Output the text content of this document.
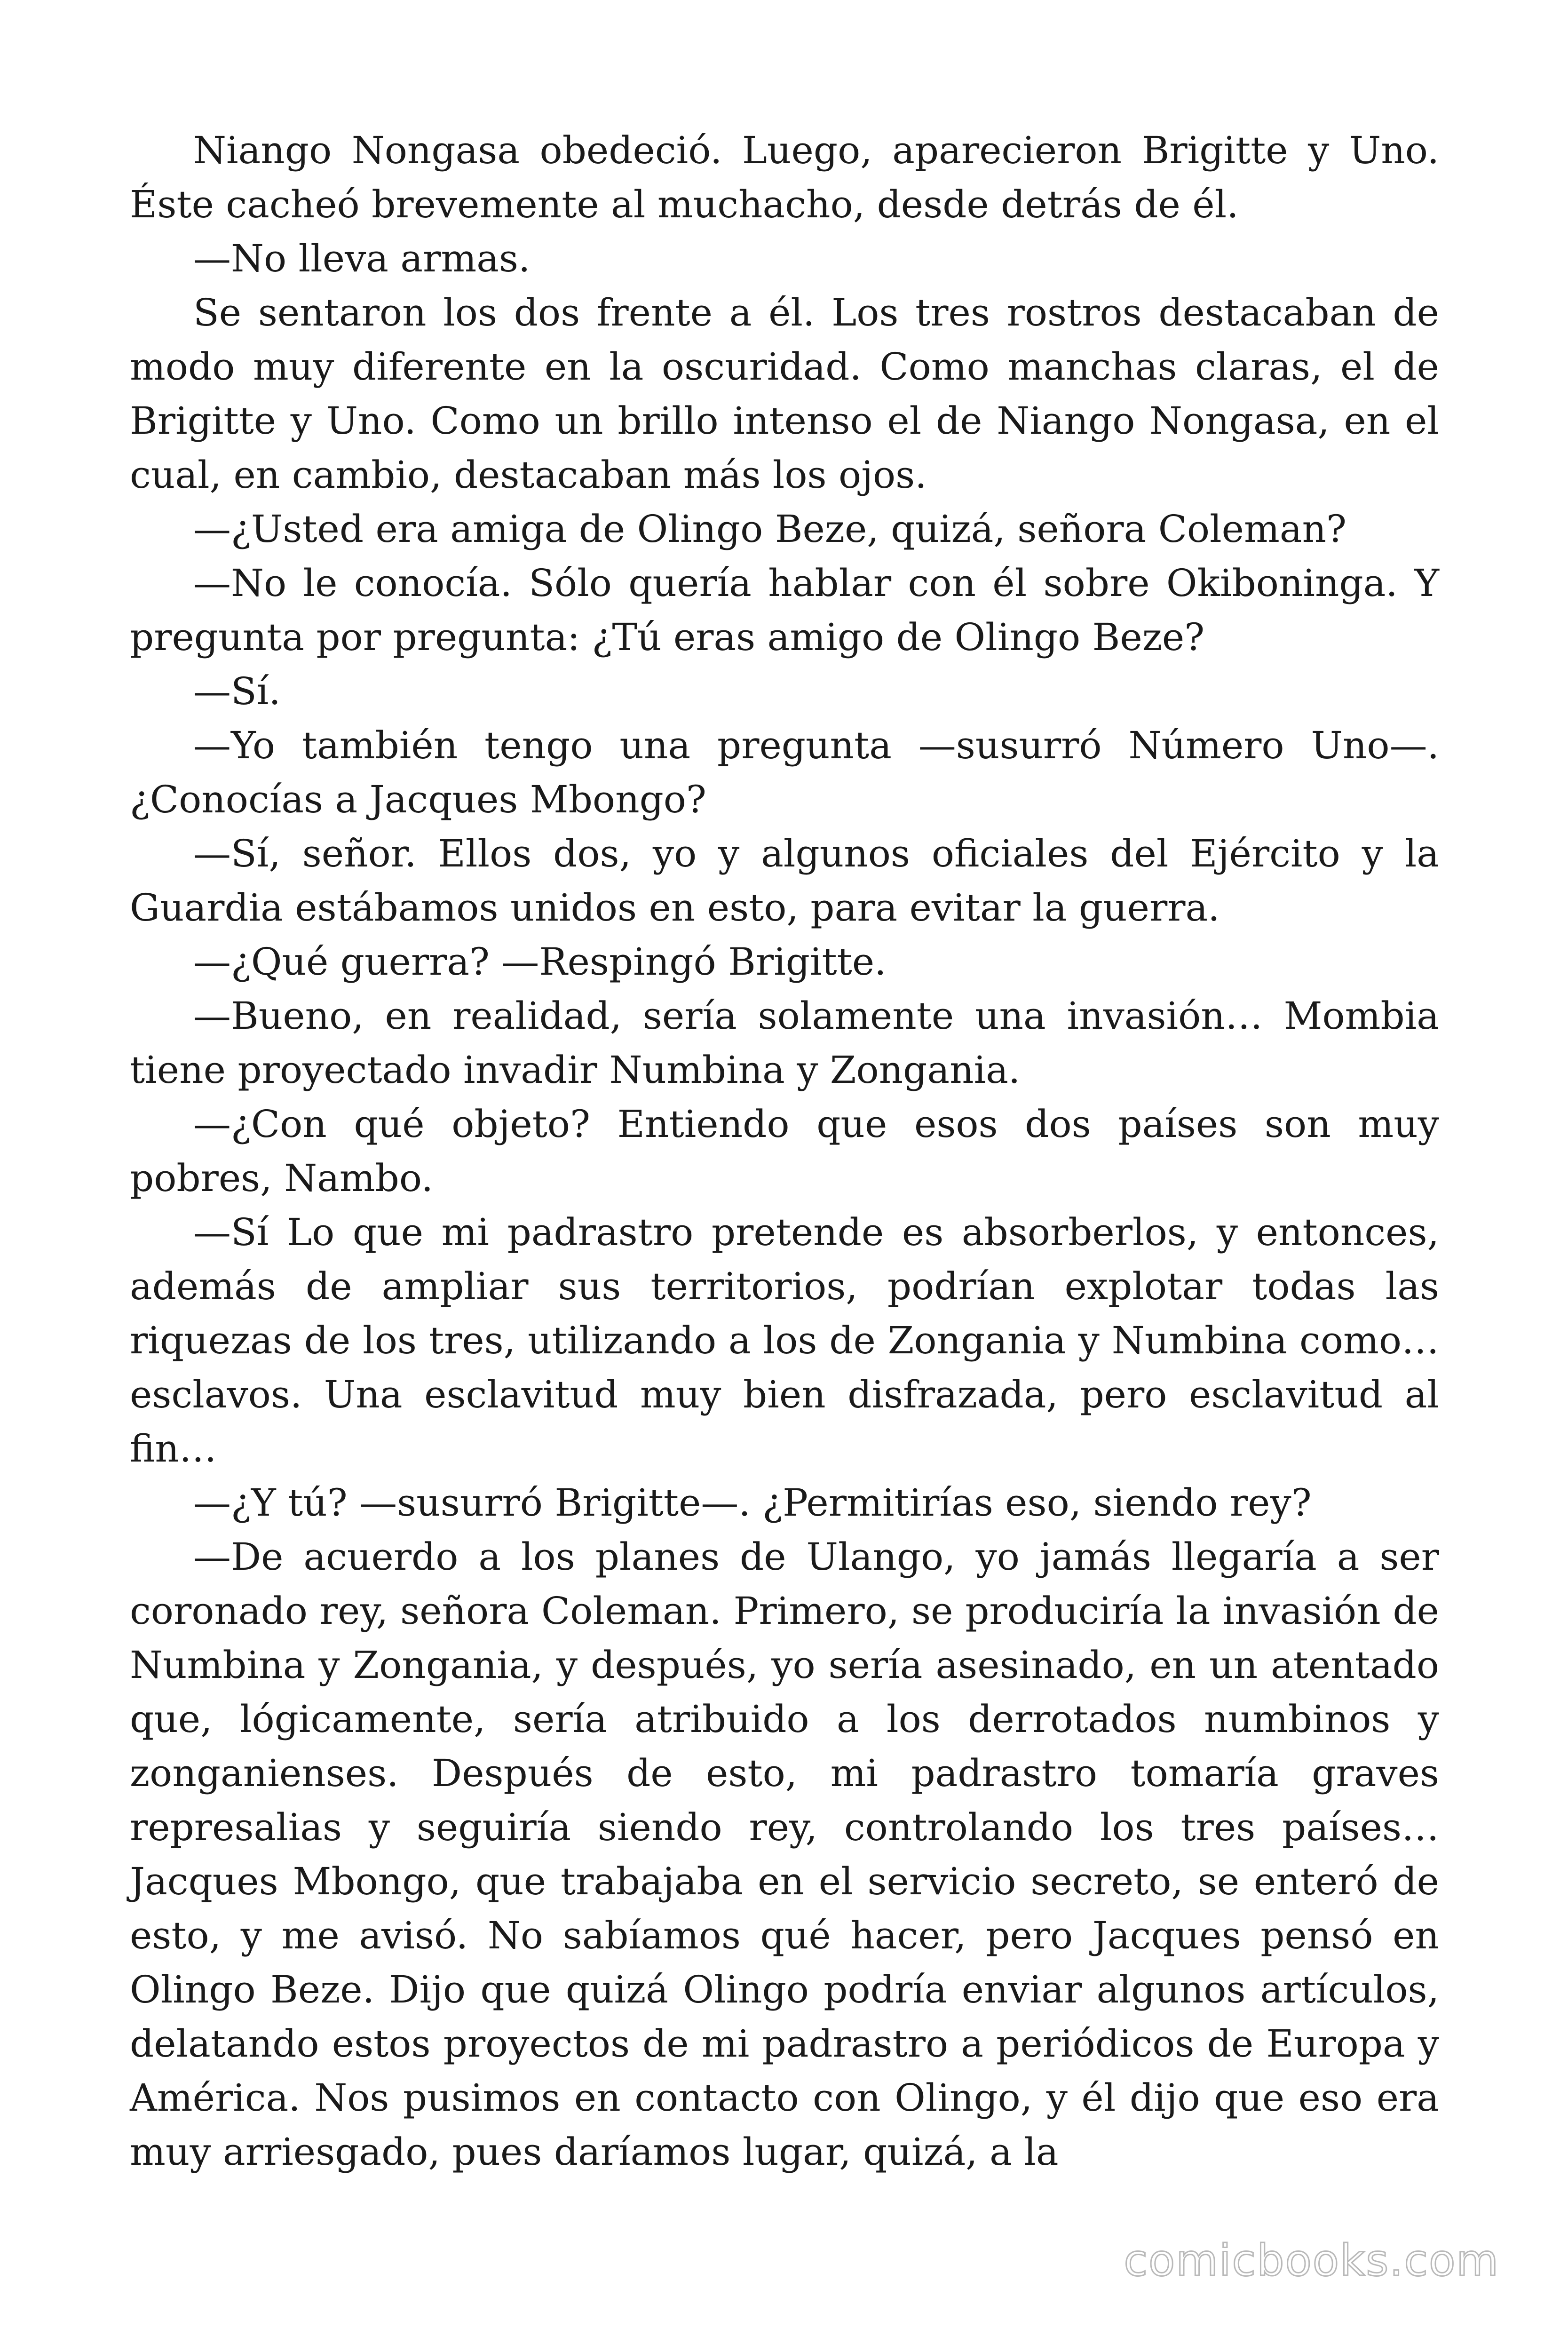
Niango Nongasa obedeció. Luego, aparecieron Brigitte y Uno. Éste cacheó brevemente al muchacho, desde detrás de él.

—No lleva armas.

Se sentaron los dos frente a él. Los tres rostros destacaban de modo muy diferente en la oscuridad. Como manchas claras, el de Brigitte y Uno. Como un brillo intenso el de Niango Nongasa, en el cual, en cambio, destacaban más los ojos.

—¿Usted era amiga de Olingo Beze, quizá, señora Coleman?

—No le conocía. Sólo quería hablar con él sobre Okiboninga. Y pregunta por pregunta: ¿Tú eras amigo de Olingo Beze?

—Sí.

—Yo también tengo una pregunta —susurró Número Uno—. ¿Conocías a Jacques Mbongo?

—Sí, señor. Ellos dos, yo y algunos oficiales del Ejército y la Guardia estábamos unidos en esto, para evitar la guerra.

—¿Qué guerra? —Respingó Brigitte.

—Bueno, en realidad, sería solamente una invasión… Mombia tiene proyectado invadir Numbina y Zongania.

—¿Con qué objeto? Entiendo que esos dos países son muy pobres, Nambo.

—Sí Lo que mi padrastro pretende es absorberlos, y entonces, además de ampliar sus territorios, podrían explotar todas las riquezas de los tres, utilizando a los de Zongania y Numbina como… esclavos. Una esclavitud muy bien disfrazada, pero esclavitud al fin…

—¿Y tú? —susurró Brigitte—. ¿Permitirías eso, siendo rey?

—De acuerdo a los planes de Ulango, yo jamás llegaría a ser coronado rey, señora Coleman. Primero, se produciría la invasión de Numbina y Zongania, y después, yo sería asesinado, en un atentado que, lógicamente, sería atribuido a los derrotados numbinos y zonganienses. Después de esto, mi padrastro tomaría graves represalias y seguiría siendo rey, controlando los tres países… Jacques Mbongo, que trabajaba en el servicio secreto, se enteró de esto, y me avisó. No sabíamos qué hacer, pero Jacques pensó en Olingo Beze. Dijo que quizá Olingo podría enviar algunos artículos, delatando estos proyectos de mi padrastro a periódicos de Europa y América. Nos pusimos en contacto con Olingo, y él dijo que eso era muy arriesgado, pues daríamos lugar, quizá, a la

comicbooks.com
